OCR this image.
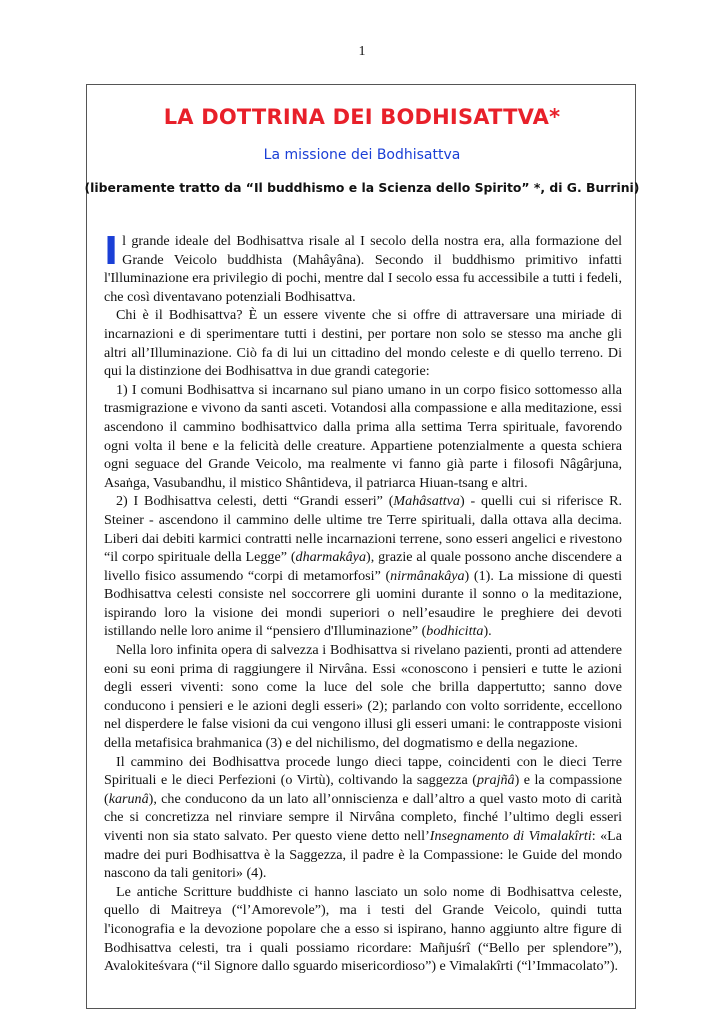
1
LA DOTTRINA DEI BODHISATTVA*
La missione dei Bodhisattva
(liberamente tratto da “Il buddhismo e la Scienza dello Spirito” *, di G. Burrini)

Il grande ideale del Bodhisattva risale al I secolo della nostra era, alla formazione del Grande Veicolo buddhista (Mahâyâna). Secondo il buddhismo primitivo infatti l'Illuminazione era privilegio di pochi, mentre dal I secolo essa fu accessibile a tutti i fedeli, che così diventavano potenziali Bodhisattva.

Chi è il Bodhisattva? È un essere vivente che si offre di attraversare una miriade di incarnazioni e di sperimentare tutti i destini, per portare non solo se stesso ma anche gli altri all’Illuminazione. Ciò fa di lui un cittadino del mondo celeste e di quello terreno. Di qui la distinzione dei Bodhisattva in due grandi categorie:

1) I comuni Bodhisattva si incarnano sul piano umano in un corpo fisico sottomesso alla trasmigrazione e vivono da santi asceti. Votandosi alla compassione e alla meditazione, essi ascendono il cammino bodhisattvico dalla prima alla settima Terra spirituale, favorendo ogni volta il bene e la felicità delle creature. Appartiene potenzialmente a questa schiera ogni seguace del Grande Veicolo, ma realmente vi fanno già parte i filosofi Nâgârjuna, Asaṅga, Vasubandhu, il mistico Shântideva, il patriarca Hiuan-tsang e altri.

2) I Bodhisattva celesti, detti “Grandi esseri” (Mahâsattva) - quelli cui si riferisce R. Steiner - ascendono il cammino delle ultime tre Terre spirituali, dalla ottava alla decima. Liberi dai debiti karmici contratti nelle incarnazioni terrene, sono esseri angelici e rivestono “il corpo spirituale della Legge” (dharmakâya), grazie al quale possono anche discendere a livello fisico assumendo “corpi di metamorfosi” (nirmânakâya) (1). La missione di questi Bodhisattva celesti consiste nel soccorrere gli uomini durante il sonno o la meditazione, ispirando loro la visione dei mondi superiori o nell’esaudire le preghiere dei devoti istillando nelle loro anime il “pensiero d'Illuminazione” (bodhicitta).

Nella loro infinita opera di salvezza i Bodhisattva si rivelano pazienti, pronti ad attendere eoni su eoni prima di raggiungere il Nirvâna. Essi «conoscono i pensieri e tutte le azioni degli esseri viventi: sono come la luce del sole che brilla dappertutto; sanno dove conducono i pensieri e le azioni degli esseri» (2); parlando con volto sorridente, eccellono nel disperdere le false visioni da cui vengono illusi gli esseri umani: le contrapposte visioni della metafisica brahmanica (3) e del nichilismo, del dogmatismo e della negazione.

Il cammino dei Bodhisattva procede lungo dieci tappe, coincidenti con le dieci Terre Spirituali e le dieci Perfezioni (o Virtù), coltivando la saggezza (prajñâ) e la compassione (karunâ), che conducono da un lato all’onniscienza e dall’altro a quel vasto moto di carità che si concretizza nel rinviare sempre il Nirvâna completo, finché l’ultimo degli esseri viventi non sia stato salvato. Per questo viene detto nell’Insegnamento di Vimalakîrti: «La madre dei puri Bodhisattva è la Saggezza, il padre è la Compassione: le Guide del mondo nascono da tali genitori» (4).

Le antiche Scritture buddhiste ci hanno lasciato un solo nome di Bodhisattva celeste, quello di Maitreya (“l’Amorevole”), ma i testi del Grande Veicolo, quindi tutta l'iconografia e la devozione popolare che a esso si ispirano, hanno aggiunto altre figure di Bodhisattva celesti, tra i quali possiamo ricordare: Mañjuśrî (“Bello per splendore”), Avalokiteśvara (“il Signore dallo sguardo misericordioso”) e Vimalakîrti (“l’Immacolato”).
